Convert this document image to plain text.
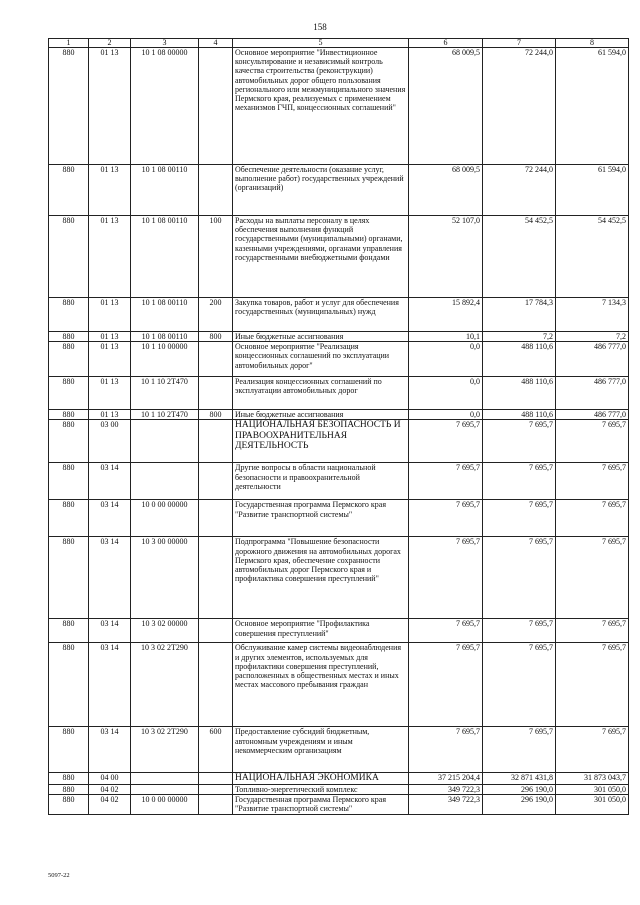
158
1	2	3	4	5	6	7	8
880	01 13	10 1 08 00000		Основное мероприятие "Инвестиционное консультирование и независимый контроль качества строительства (реконструкции) автомобильных дорог общего пользования регионального или межмуниципального значения Пермского края, реализуемых с применением механизмов ГЧП, концессионных соглашений"	68 009,5	72 244,0	61 594,0
880	01 13	10 1 08 00110		Обеспечение деятельности (оказание услуг, выполнение работ) государственных учреждений (организаций)	68 009,5	72 244,0	61 594,0
880	01 13	10 1 08 00110	100	Расходы на выплаты персоналу в целях обеспечения выполнения функций государственными (муниципальными) органами, казенными учреждениями, органами управления государственными внебюджетными фондами	52 107,0	54 452,5	54 452,5
880	01 13	10 1 08 00110	200	Закупка товаров, работ и услуг для обеспечения государственных (муниципальных) нужд	15 892,4	17 784,3	7 134,3
880	01 13	10 1 08 00110	800	Иные бюджетные ассигнования	10,1	7,2	7,2
880	01 13	10 1 10 00000		Основное мероприятие "Реализация концессионных соглашений по эксплуатации автомобильных дорог"	0,0	488 110,6	486 777,0
880	01 13	10 1 10 2Т470		Реализация концессионных соглашений по эксплуатации автомобильных дорог	0,0	488 110,6	486 777,0
880	01 13	10 1 10 2Т470	800	Иные бюджетные ассигнования	0,0	488 110,6	486 777,0
880	03 00			НАЦИОНАЛЬНАЯ БЕЗОПАСНОСТЬ И ПРАВООХРАНИТЕЛЬНАЯ ДЕЯТЕЛЬНОСТЬ	7 695,7	7 695,7	7 695,7
880	03 14			Другие вопросы в области национальной безопасности и правоохранительной деятельности	7 695,7	7 695,7	7 695,7
880	03 14	10 0 00 00000		Государственная программа Пермского края "Развитие транспортной системы"	7 695,7	7 695,7	7 695,7
880	03 14	10 3 00 00000		Подпрограмма "Повышение безопасности дорожного движения на автомобильных дорогах Пермского края, обеспечение сохранности автомобильных дорог Пермского края и профилактика совершения преступлений"	7 695,7	7 695,7	7 695,7
880	03 14	10 3 02 00000		Основное мероприятие "Профилактика совершения преступлений"	7 695,7	7 695,7	7 695,7
880	03 14	10 3 02 2Т290		Обслуживание камер системы видеонаблюдения и других элементов, используемых для профилактики совершения преступлений, расположенных в общественных местах и иных местах массового пребывания граждан	7 695,7	7 695,7	7 695,7
880	03 14	10 3 02 2Т290	600	Предоставление субсидий бюджетным, автономным учреждениям и иным некоммерческим организациям	7 695,7	7 695,7	7 695,7
880	04 00			НАЦИОНАЛЬНАЯ ЭКОНОМИКА	37 215 204,4	32 871 431,8	31 873 043,7
880	04 02			Топливно-энергетический комплекс	349 722,3	296 190,0	301 050,0
880	04 02	10 0 00 00000		Государственная программа Пермского края "Развитие транспортной системы"	349 722,3	296 190,0	301 050,0
5097-22
